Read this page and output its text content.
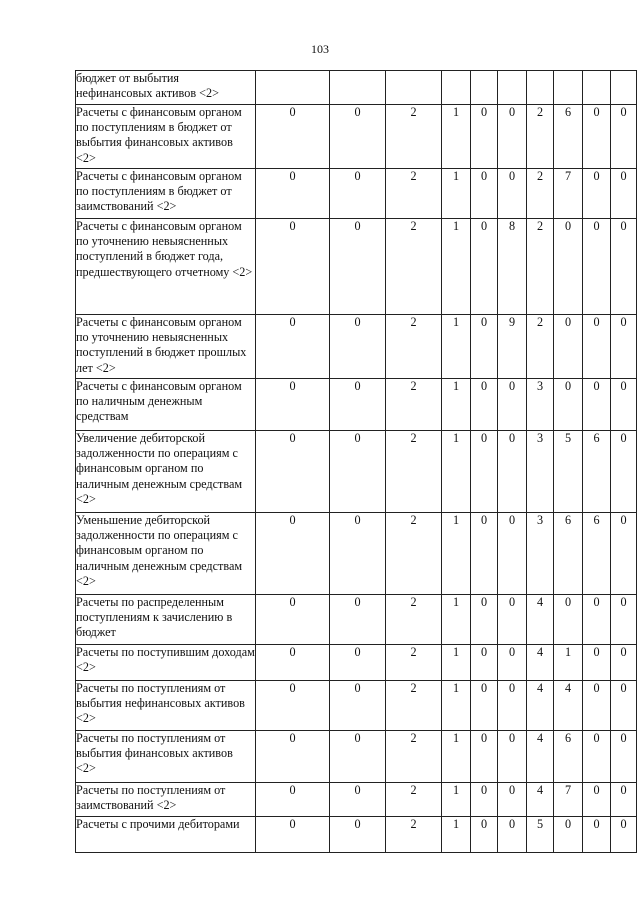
103
бюджет от выбытия нефинансовых активов <2>										
Расчеты с финансовым органом по поступлениям в бюджет от выбытия финансовых активов <2>	0	0	2	1	0	0	2	6	0	0
Расчеты с финансовым органом по поступлениям в бюджет от заимствований <2>	0	0	2	1	0	0	2	7	0	0
Расчеты с финансовым органом по уточнению невыясненных поступлений в бюджет года, предшествующего отчетному <2>	0	0	2	1	0	8	2	0	0	0
Расчеты с финансовым органом по уточнению невыясненных поступлений в бюджет прошлых лет <2>	0	0	2	1	0	9	2	0	0	0
Расчеты с финансовым органом по наличным денежным средствам	0	0	2	1	0	0	3	0	0	0
Увеличение дебиторской задолженности по операциям с финансовым органом по наличным денежным средствам <2>	0	0	2	1	0	0	3	5	6	0
Уменьшение дебиторской задолженности по операциям с финансовым органом по наличным денежным средствам <2>	0	0	2	1	0	0	3	6	6	0
Расчеты по распределенным поступлениям к зачислению в бюджет	0	0	2	1	0	0	4	0	0	0
Расчеты по поступившим доходам <2>	0	0	2	1	0	0	4	1	0	0
Расчеты по поступлениям от выбытия нефинансовых активов <2>	0	0	2	1	0	0	4	4	0	0
Расчеты по поступлениям от выбытия финансовых активов <2>	0	0	2	1	0	0	4	6	0	0
Расчеты по поступлениям от заимствований <2>	0	0	2	1	0	0	4	7	0	0
Расчеты с прочими дебиторами	0	0	2	1	0	0	5	0	0	0
